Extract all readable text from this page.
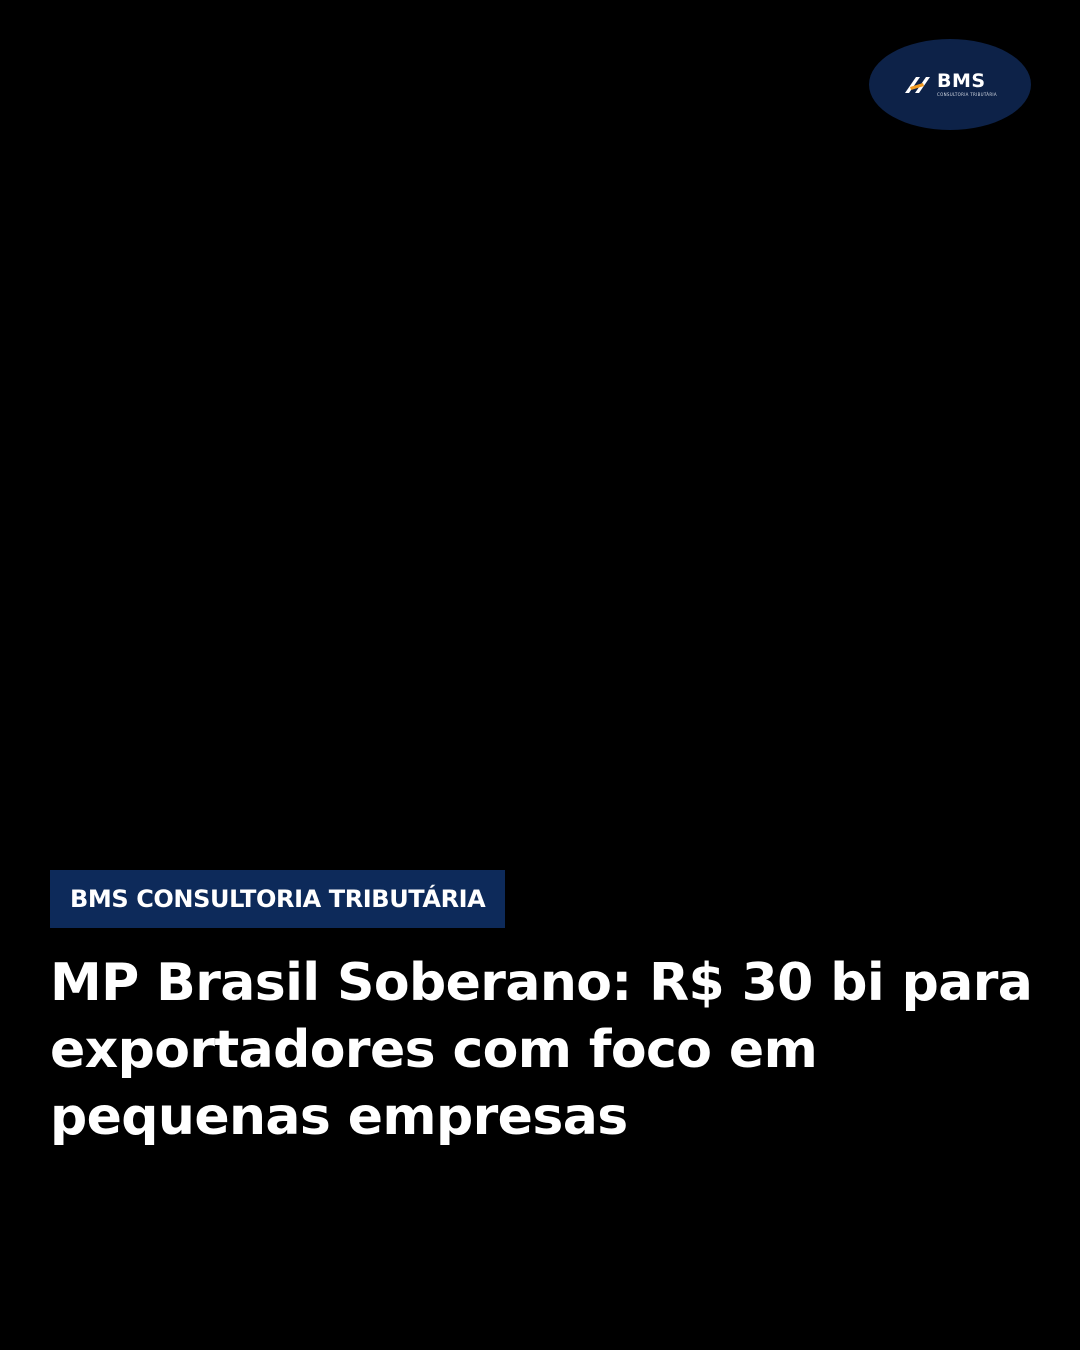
BMS
CONSULTORIA TRIBUTÁRIA
BMS CONSULTORIA TRIBUTÁRIA
MP Brasil Soberano: R$ 30 bi para exportadores com foco em pequenas empresas
